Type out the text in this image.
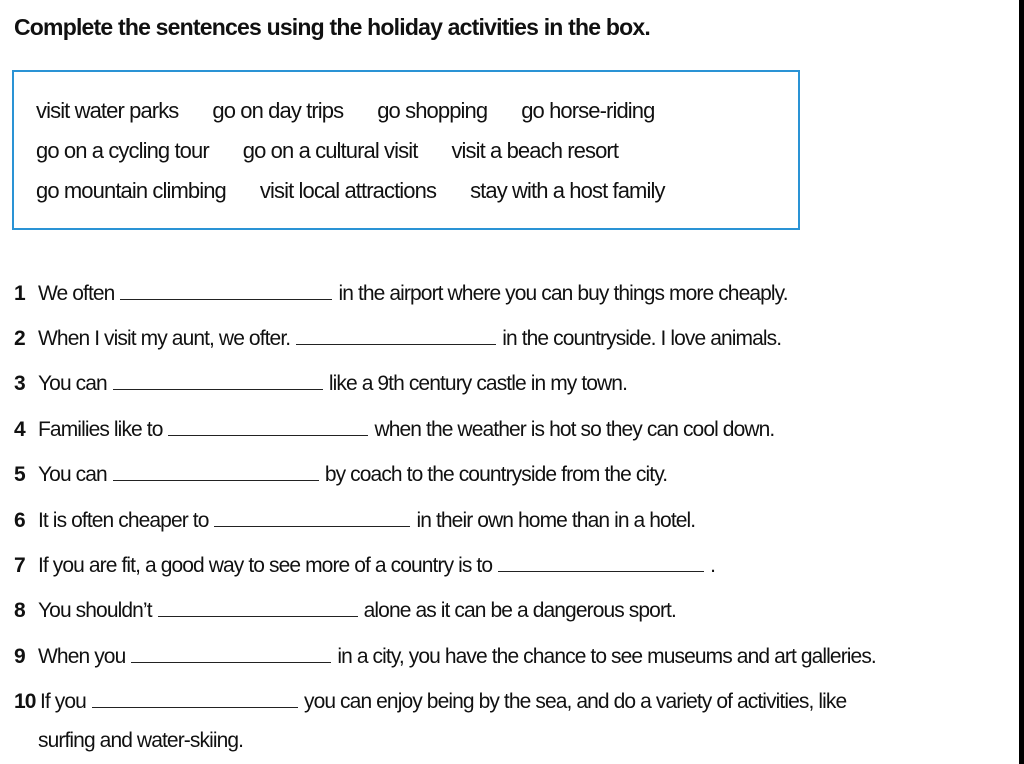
Complete the sentences using the holiday activities in the box.
visit water parks go on day trips go shopping go horse-riding
go on a cycling tour go on a cultural visit visit a beach resort
go mountain climbing visit local attractions stay with a host family
1 We often	in the airport where you can buy things more cheaply.
2 When I visit my aunt, we ofter.	in the countryside. I love animals.
3 You can	like a 9th century castle in my town.
4 Families like to	when the weather is hot so they can cool down.
5 You can	by coach to the countryside from the city.
6 It is often cheaper to	in their own home than in a hotel.
7 If you are fit, a good way to see more of a country is to	.
8 You shouldn’t	alone as it can be a dangerous sport.
9 When you	in a city, you have the chance to see museums and art galleries.
10 If you	you can enjoy being by the sea, and do a variety of activities, like
surfing and water-skiing.
